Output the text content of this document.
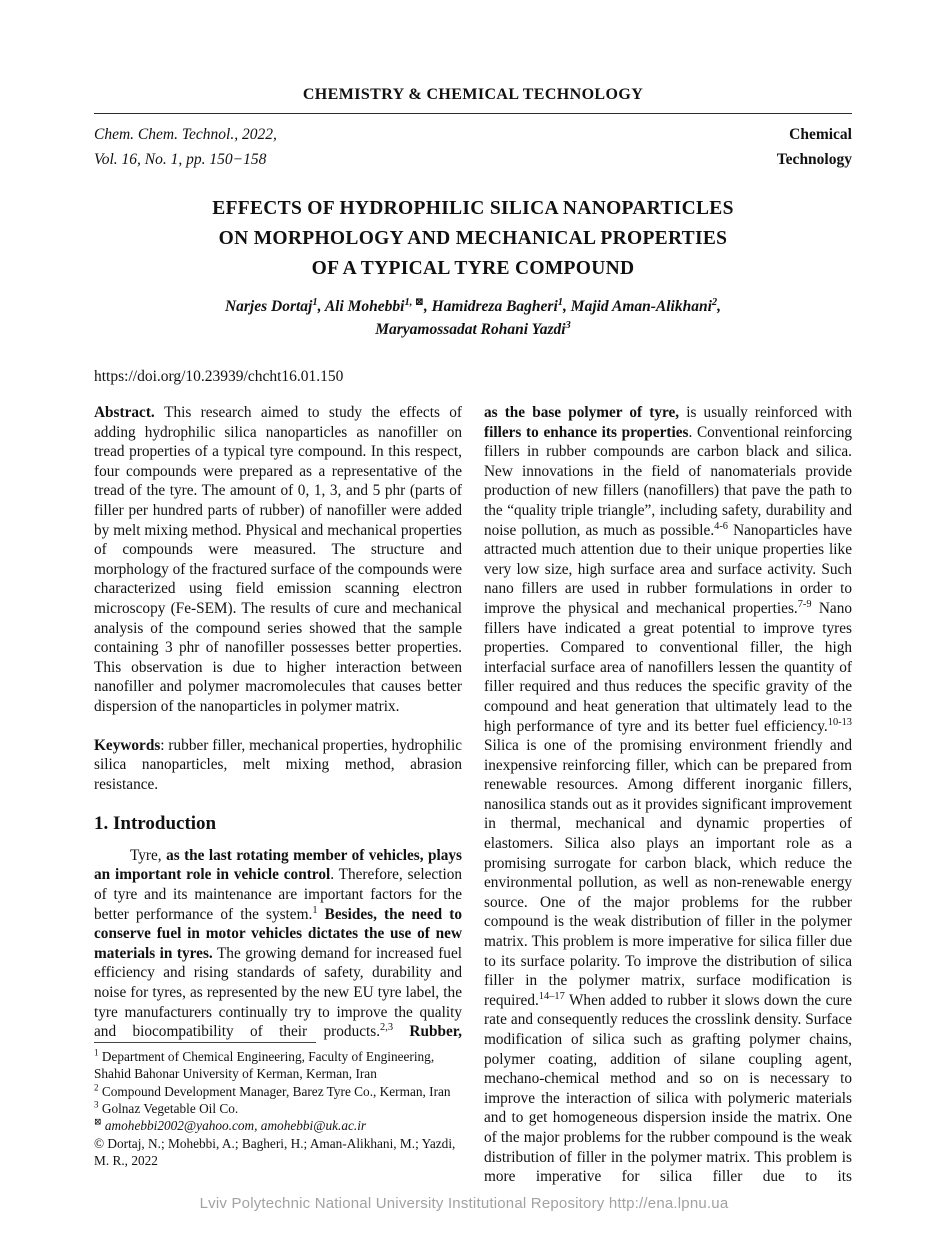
CHEMISTRY & CHEMICAL TECHNOLOGY
Chem. Chem. Technol., 2022,
Vol. 16, No. 1, pp. 150−158
Chemical
Technology
EFFECTS OF HYDROPHILIC SILICA NANOPARTICLES
ON MORPHOLOGY AND MECHANICAL PROPERTIES
OF A TYPICAL TYRE COMPOUND
Narjes Dortaj$^1$, Ali Mohebbi$^{1, ⊠}$, Hamidreza Bagheri$^1$, Majid Aman-Alikhani$^2$,
Maryamossadat Rohani Yazdi$^3$
https://doi.org/10.23939/chcht16.01.150

Abstract. This research aimed to study the effects of adding hydrophilic silica nanoparticles as nanofiller on tread properties of a typical tyre compound. In this respect, four compounds were prepared as a representative of the tread of the tyre. The amount of 0, 1, 3, and 5 phr (parts of filler per hundred parts of rubber) of nanofiller were added by melt mixing method. Physical and mechanical properties of compounds were measured. The structure and morphology of the fractured surface of the compounds were characterized using field emission scanning electron microscopy (Fe-SEM). The results of cure and mechanical analysis of the compound series showed that the sample containing 3 phr of nanofiller possesses better properties. This observation is due to higher interaction between nanofiller and polymer macromolecules that causes better dispersion of the nanoparticles in polymer matrix.

Keywords: rubber filler, mechanical properties, hydrophilic silica nanoparticles, melt mixing method, abrasion resistance.

1. Introduction

Tyre, as the last rotating member of vehicles, plays an important role in vehicle control. Therefore, selection of tyre and its maintenance are important factors for the better performance of the system.$^1$ Besides, the need to conserve fuel in motor vehicles dictates the use of new materials in tyres. The growing demand for increased fuel efficiency and rising standards of safety, durability and noise for tyres, as represented by the new EU tyre label, the tyre manufacturers continually try to improve the quality and biocompatibility of their products.$^{2,3}$ Rubber,

$^1$ Department of Chemical Engineering, Faculty of Engineering, Shahid Bahonar University of Kerman, Kerman, Iran

$^2$ Compound Development Manager, Barez Tyre Co., Kerman, Iran

$^3$ Golnaz Vegetable Oil Co.

⊠ amohebbi2002@yahoo.com, amohebbi@uk.ac.ir

© Dortaj, N.; Mohebbi, A.; Bagheri, H.; Aman-Alikhani, M.; Yazdi, M. R., 2022

as the base polymer of tyre, is usually reinforced with fillers to enhance its properties. Conventional reinforcing fillers in rubber compounds are carbon black and silica. New innovations in the field of nanomaterials provide production of new fillers (nanofillers) that pave the path to the “quality triple triangle”, including safety, durability and noise pollution, as much as possible.$^{4-6}$ Nanoparticles have attracted much attention due to their unique properties like very low size, high surface area and surface activity. Such nano fillers are used in rubber formulations in order to improve the physical and mechanical properties.$^{7-9}$ Nano fillers have indicated a great potential to improve tyres properties. Compared to conventional filler, the high interfacial surface area of nanofillers lessen the quantity of filler required and thus reduces the specific gravity of the compound and heat generation that ultimately lead to the high performance of tyre and its better fuel efficiency.$^{10-13}$ Silica is one of the promising environment friendly and inexpensive reinforcing filler, which can be prepared from renewable resources. Among different inorganic fillers, nanosilica stands out as it provides significant improvement in thermal, mechanical and dynamic properties of elastomers. Silica also plays an important role as a promising surrogate for carbon black, which reduce the environmental pollution, as well as non-renewable energy source. One of the major problems for the rubber compound is the weak distribution of filler in the polymer matrix. This problem is more imperative for silica filler due to its surface polarity. To improve the distribution of silica filler in the polymer matrix, surface modification is required.$^{14-17}$ When added to rubber it slows down the cure rate and consequently reduces the crosslink density. Surface modification of silica such as grafting polymer chains, polymer coating, addition of silane coupling agent, mechano-chemical method and so on is necessary to improve the interaction of silica with polymeric materials and to get homogeneous dispersion inside the matrix. One of the major problems for the rubber compound is the weak distribution of filler in the polymer matrix. This problem is more imperative for silica filler due to its

Lviv Polytechnic National University Institutional Repository http://ena.lpnu.ua
